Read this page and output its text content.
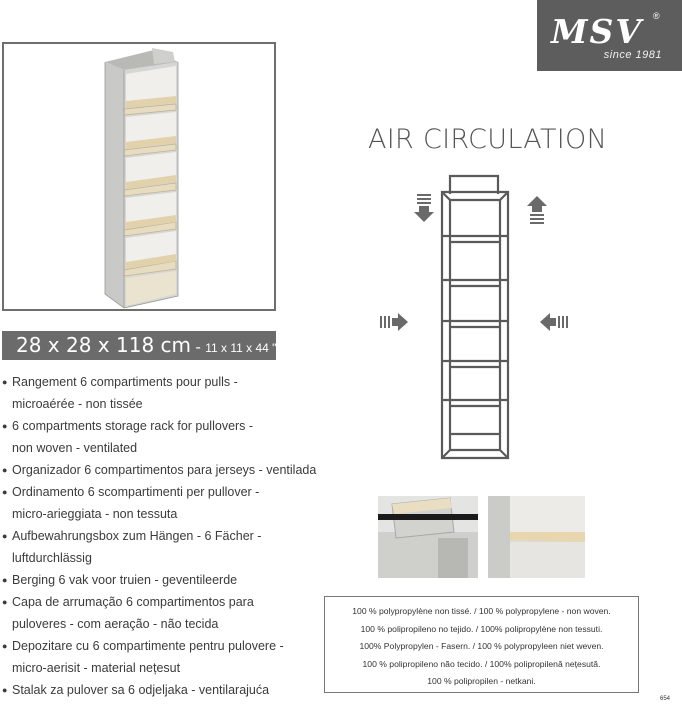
MSV ®
since 1981
AIR CIRCULATION
28 x 28 x 118 cm - 11 x 11 x 44 "
● Rangement 6 compartiments pour pulls -
microaérée - non tissée
● 6 compartments storage rack for pullovers -
non woven - ventilated
● Organizador 6 compartimentos para jerseys - ventilada
● Ordinamento 6 scompartimenti per pullover -
micro-arieggiata - non tessuta
● Aufbewahrungsbox zum Hängen - 6 Fächer -
luftdurchlässig
● Berging 6 vak voor truien - geventileerde
● Capa de arrumação 6 compartimentos para
puloveres - com aeração - não tecida
● Depozitare cu 6 compartimente pentru pulovere -
micro-aerisit - material nețesut
● Stalak za pulover sa 6 odjeljaka - ventilarajuća
100 % polypropylène non tissé. / 100 % polypropylene - non woven.
100 % polipropileno no tejido. / 100% polipropylène non tessuti.
100% Polypropylen - Fasern. / 100 % polypropyleen niet weven.
100 % polipropileno não tecido. / 100% polipropilenă nețesută.
100 % polipropilen - netkani.
654
